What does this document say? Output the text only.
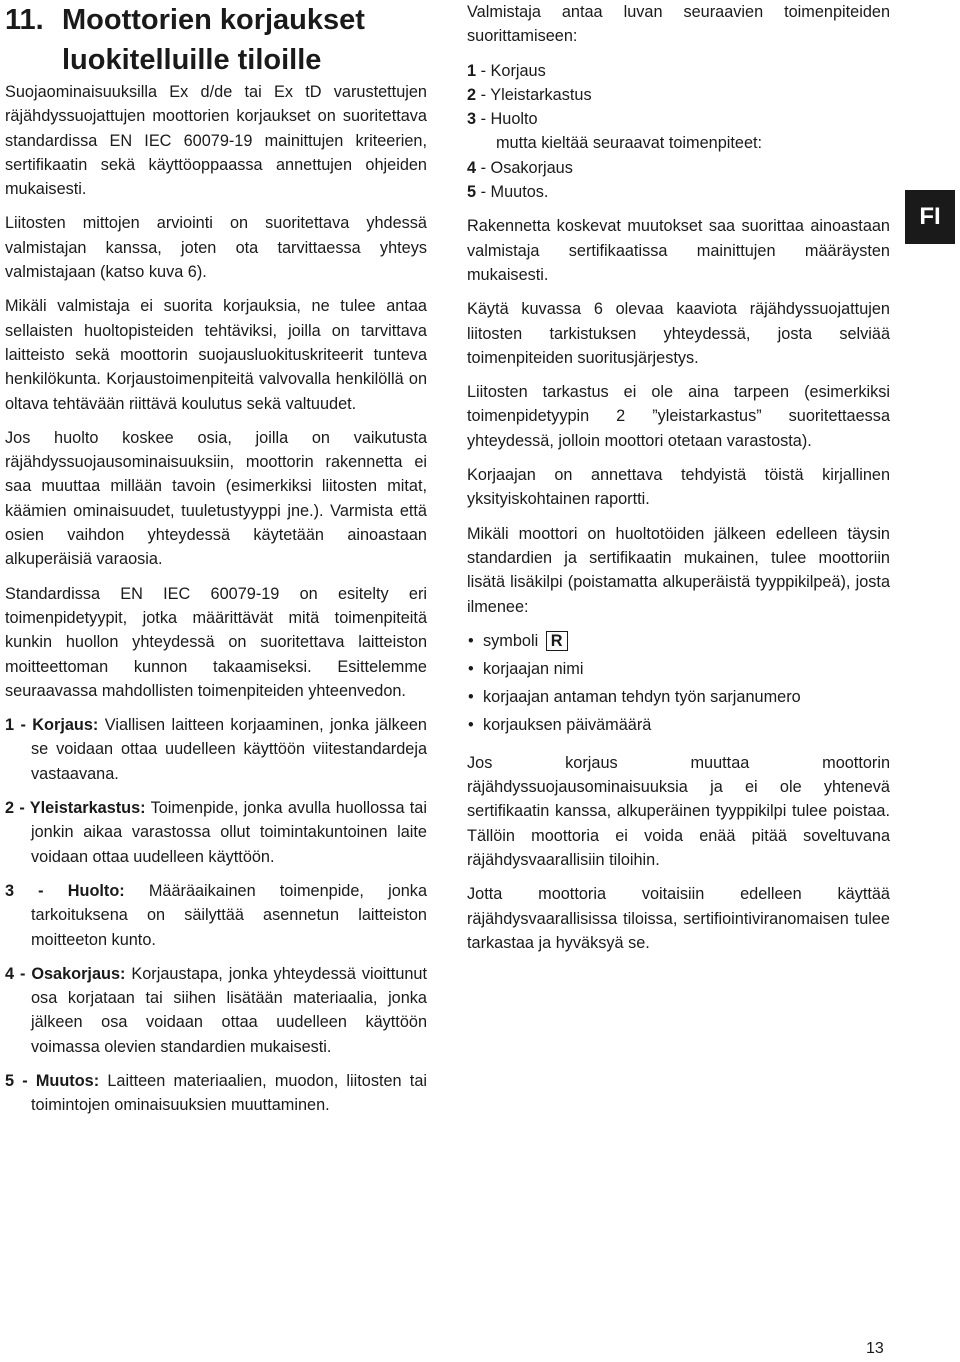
11. Moottorien korjaukset
luokitelluille tiloille

Suojaominaisuuksilla Ex d/de tai Ex tD varustettujen räjähdyssuojattujen moottorien korjaukset on suoritettava standardissa EN IEC 60079-19 mainittujen kriteerien, sertifikaatin sekä käyttöoppaassa annettujen ohjeiden mukaisesti.

Liitosten mittojen arviointi on suoritettava yhdessä valmistajan kanssa, joten ota tarvittaessa yhteys valmistajaan (katso kuva 6).

Mikäli valmistaja ei suorita korjauksia, ne tulee antaa sellaisten huoltopisteiden tehtäviksi, joilla on tarvittava laitteisto sekä moottorin suojausluokituskriteerit tunteva henkilökunta. Korjaustoimenpiteitä valvovalla henkilöllä on oltava tehtävään riittävä koulutus sekä valtuudet.

Jos huolto koskee osia, joilla on vaikutusta räjähdyssuojausominaisuuksiin, moottorin rakennetta ei saa muuttaa millään tavoin (esimerkiksi liitosten mitat, käämien ominaisuudet, tuuletustyyppi jne.). Varmista että osien vaihdon yhteydessä käytetään ainoastaan alkuperäisiä varaosia.

Standardissa EN IEC 60079-19 on esitelty eri toimenpidetyypit, jotka määrittävät mitä toimenpiteitä kunkin huollon yhteydessä on suoritettava laitteiston moitteettoman kunnon takaamiseksi. Esittelemme seuraavassa mahdollisten toimenpiteiden yhteenvedon.

1 - Korjaus: Viallisen laitteen korjaaminen, jonka jälkeen se voidaan ottaa uudelleen käyttöön viitestandardeja vastaavana.
2 - Yleistarkastus: Toimenpide, jonka avulla huollossa tai jonkin aikaa varastossa ollut toimintakuntoinen laite voidaan ottaa uudelleen käyttöön.
3 - Huolto: Määräaikainen toimenpide, jonka tarkoituksena on säilyttää asennetun laitteiston moitteeton kunto.
4 - Osakorjaus: Korjaustapa, jonka yhteydessä vioittunut osa korjataan tai siihen lisätään materiaalia, jonka jälkeen osa voidaan ottaa uudelleen käyttöön voimassa olevien standardien mukaisesti.
5 - Muutos: Laitteen materiaalien, muodon, liitosten tai toimintojen ominaisuuksien muuttaminen.

Valmistaja antaa luvan seuraavien toimenpiteiden suorittamiseen:

1 - Korjaus
2 - Yleistarkastus
3 - Huolto
mutta kieltää seuraavat toimenpiteet:
4 - Osakorjaus
5 - Muutos.

Rakennetta koskevat muutokset saa suorittaa ainoastaan valmistaja sertifikaatissa mainittujen määräysten mukaisesti.

Käytä kuvassa 6 olevaa kaaviota räjähdyssuojattujen liitosten tarkistuksen yhteydessä, josta selviää toimenpiteiden suoritusjärjestys.

Liitosten tarkastus ei ole aina tarpeen (esimerkiksi toimenpidetyypin 2 ”yleistarkastus” suoritettaessa yhteydessä, jolloin moottori otetaan varastosta).

Korjaajan on annettava tehdyistä töistä kirjallinen yksityiskohtainen raportti.

Mikäli moottori on huoltotöiden jälkeen edelleen täysin standardien ja sertifikaatin mukainen, tulee moottoriin lisätä lisäkilpi (poistamatta alkuperäistä tyyppikilpeä), josta ilmenee:

• symboli R
• korjaajan nimi
• korjaajan antaman tehdyn työn sarjanumero
• korjauksen päivämäärä

Jos korjaus muuttaa moottorin räjähdyssuojausominaisuuksia ja ei ole yhtenevä sertifikaatin kanssa, alkuperäinen tyyppikilpi tulee poistaa. Tällöin moottoria ei voida enää pitää soveltuvana räjähdysvaarallisiin tiloihin.

Jotta moottoria voitaisiin edelleen käyttää räjähdysvaarallisissa tiloissa, sertifiointiviranomaisen tulee tarkastaa ja hyväksyä se.

FI
13
